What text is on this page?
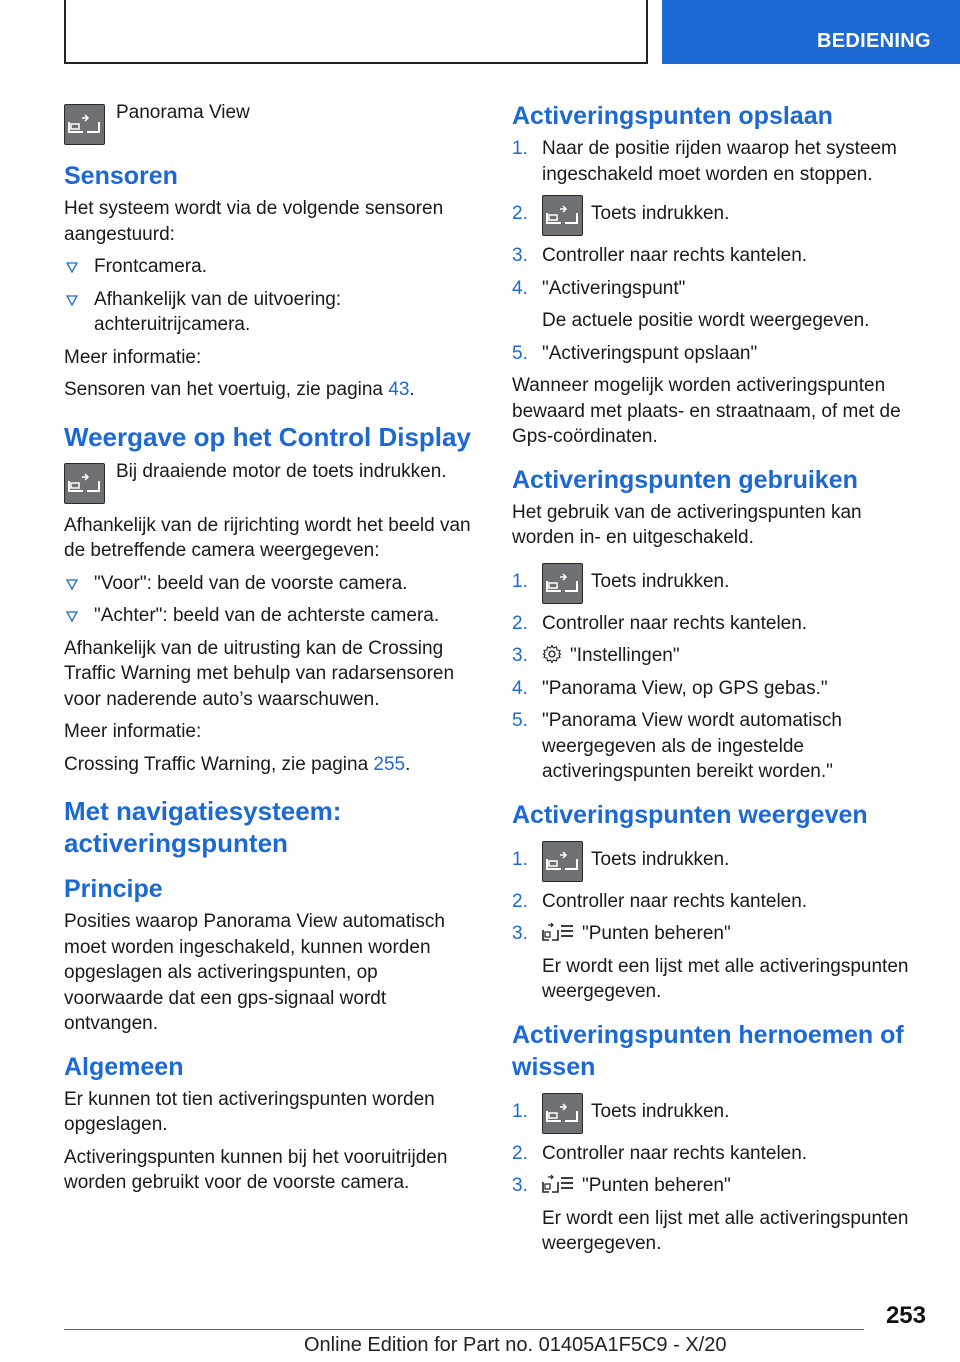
BEDIENING
Panorama View
Sensoren

Het systeem wordt via de volgende sensoren aangestuurd:

Frontcamera.
Afhankelijk van de uitvoering: achteruitrijcamera.

Meer informatie:

Sensoren van het voertuig, zie pagina 43.

Weergave op het Control Display
Bij draaiende motor de toets indrukken.

Afhankelijk van de rijrichting wordt het beeld van de betreffende camera weergegeven:

"Voor": beeld van de voorste camera.
"Achter": beeld van de achterste camera.

Afhankelijk van de uitrusting kan de Crossing Traffic Warning met behulp van radarsensoren voor naderende auto’s waarschuwen.

Meer informatie:

Crossing Traffic Warning, zie pagina 255.

Met navigatiesysteem: activeringspunten
Principe

Posities waarop Panorama View automatisch moet worden ingeschakeld, kunnen worden opgeslagen als activeringspunten, op voorwaarde dat een gps-signaal wordt ontvangen.

Algemeen

Er kunnen tot tien activeringspunten worden opgeslagen.

Activeringspunten kunnen bij het vooruitrijden worden gebruikt voor de voorste camera.

Activeringspunten opslaan
1. Naar de positie rijden waarop het systeem ingeschakeld moet worden en stoppen.
2.	Toets indrukken.
3. Controller naar rechts kantelen.
4. "Activeringspunt"
De actuele positie wordt weergegeven.
5. "Activeringspunt opslaan"

Wanneer mogelijk worden activeringspunten bewaard met plaats- en straatnaam, of met de Gps-coördinaten.

Activeringspunten gebruiken

Het gebruik van de activeringspunten kan worden in- en uitgeschakeld.

1.	Toets indrukken.
2. Controller naar rechts kantelen.
3. "Instellingen"
4. "Panorama View, op GPS gebas."
5. "Panorama View wordt automatisch weergegeven als de ingestelde activeringspunten bereikt worden."
Activeringspunten weergeven
1.	Toets indrukken.
2. Controller naar rechts kantelen.
3.	"Punten beheren"
Er wordt een lijst met alle activeringspunten weergegeven.
Activeringspunten hernoemen of wissen
1.	Toets indrukken.
2. Controller naar rechts kantelen.
3.	"Punten beheren"
Er wordt een lijst met alle activeringspunten weergegeven.
253
Online Edition for Part no. 01405A1F5C9 - X/20
